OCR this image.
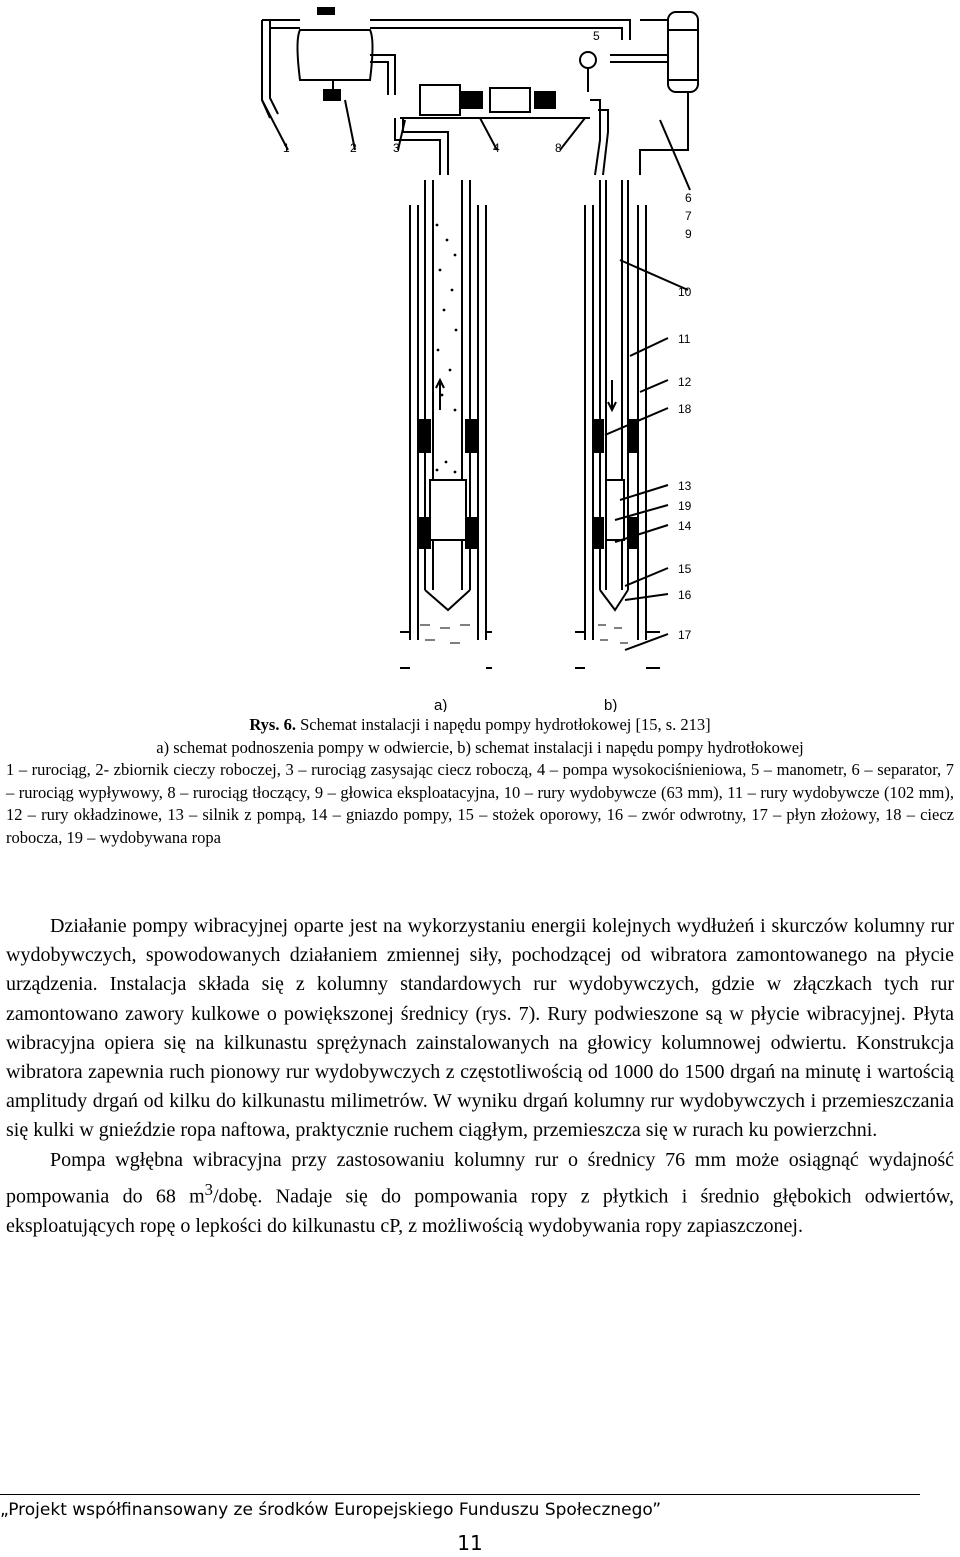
1	2	3	4	8
5
6
7
9
10
11
12
18
13
19
14
15
16
17
a)	b)
Rys. 6. Schemat instalacji i napędu pompy hydrotłokowej [15, s. 213]
a) schemat podnoszenia pompy w odwiercie, b) schemat instalacji i napędu pompy hydrotłokowej
1 – rurociąg, 2- zbiornik cieczy roboczej, 3 – rurociąg zasysając ciecz roboczą, 4 – pompa wysokociśnieniowa, 5 – manometr, 6 – separator, 7 – rurociąg wypływowy, 8 – rurociąg tłoczący, 9 – głowica eksploatacyjna, 10 – rury wydobywcze (63 mm), 11 – rury wydobywcze (102 mm), 12 – rury okładzinowe, 13 – silnik z pompą, 14 – gniazdo pompy, 15 – stożek oporowy, 16 – zwór odwrotny, 17 – płyn złożowy, 18 – ciecz robocza, 19 – wydobywana ropa

Działanie pompy wibracyjnej oparte jest na wykorzystaniu energii kolejnych wydłużeń i skurczów kolumny rur wydobywczych, spowodowanych działaniem zmiennej siły, pochodzącej od wibratora zamontowanego na płycie urządzenia. Instalacja składa się z kolumny standardowych rur wydobywczych, gdzie w złączkach tych rur zamontowano zawory kulkowe o powiększonej średnicy (rys. 7). Rury podwieszone są w płycie wibracyjnej. Płyta wibracyjna opiera się na kilkunastu sprężynach zainstalowanych na głowicy kolumnowej odwiertu. Konstrukcja wibratora zapewnia ruch pionowy rur wydobywczych z częstotliwością od 1000 do 1500 drgań na minutę i wartością amplitudy drgań od kilku do kilkunastu milimetrów. W wyniku drgań kolumny rur wydobywczych i przemieszczania się kulki w gnieździe ropa naftowa, praktycznie ruchem ciągłym, przemieszcza się w rurach ku powierzchni.

Pompa wgłębna wibracyjna przy zastosowaniu kolumny rur o średnicy 76 mm może osiągnąć wydajność pompowania do 68 $m^3$/dobę. Nadaje się do pompowania ropy z płytkich i średnio głębokich odwiertów, eksploatujących ropę o lepkości do kilkunastu cP, z możliwością wydobywania ropy zapiaszczonej.

„Projekt współfinansowany ze środków Europejskiego Funduszu Społecznego”
11
